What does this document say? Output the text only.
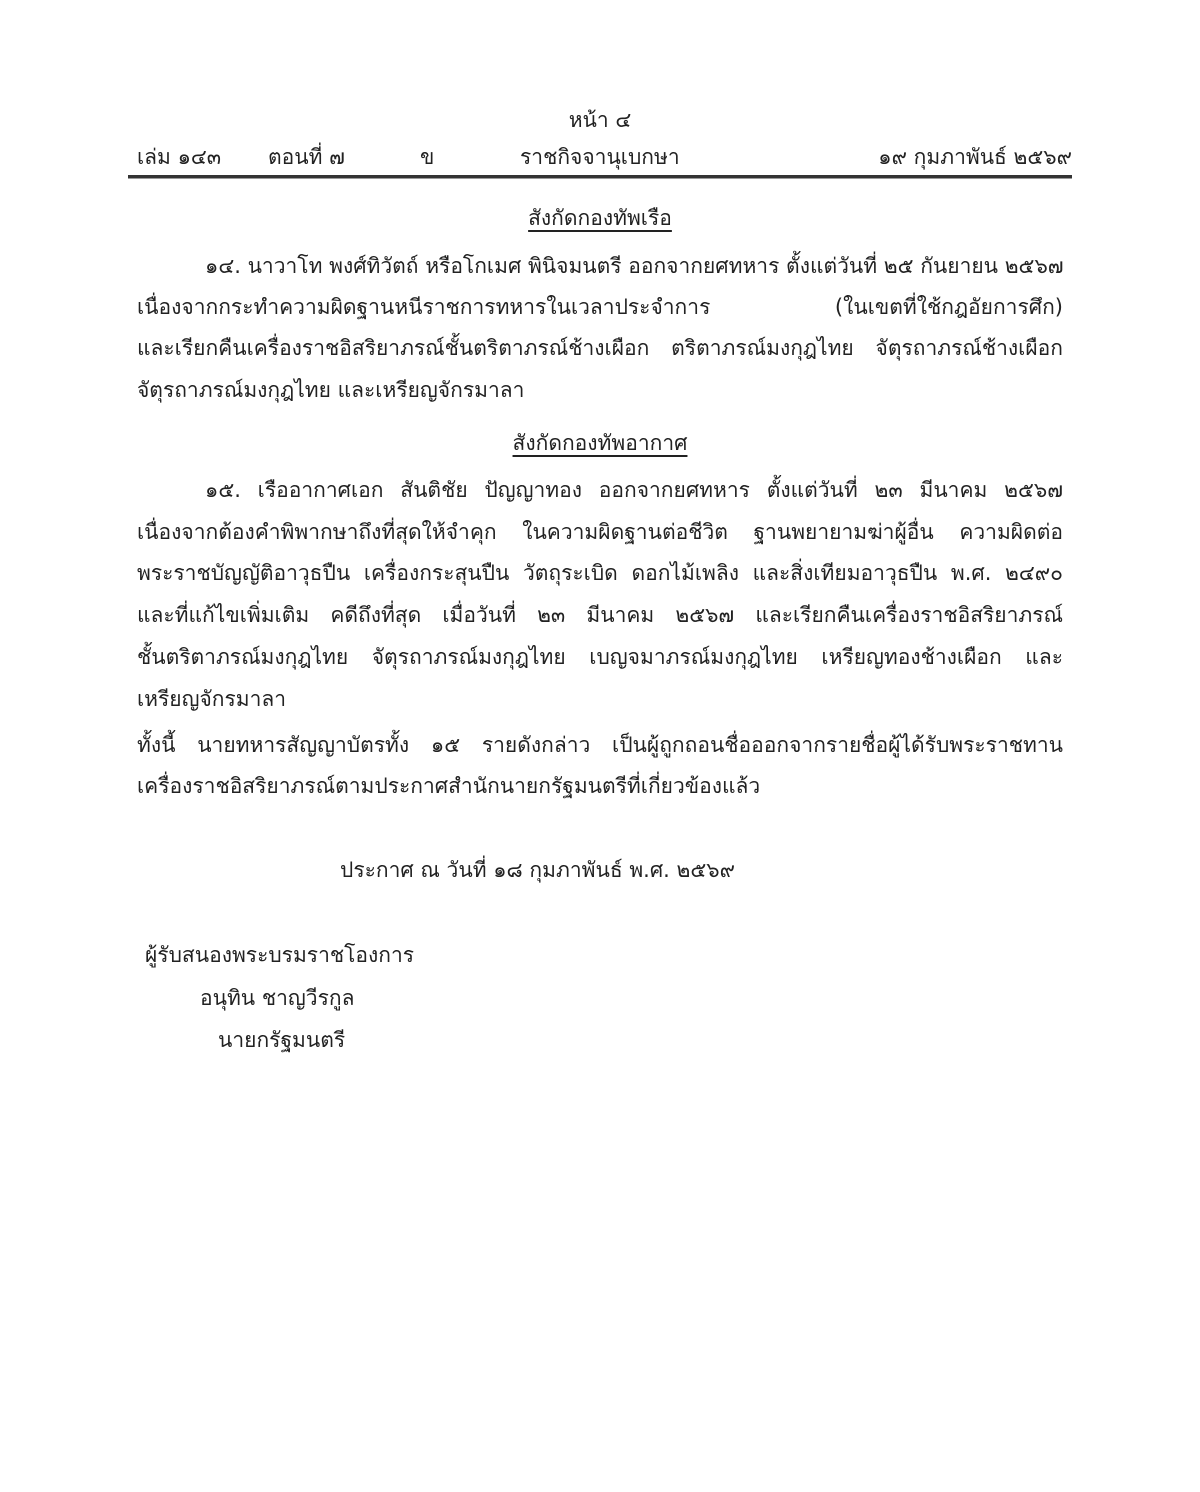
หน้า ๔
เล่ม ๑๔๓ ตอนที่ ๗	ข	ราชกิจจานุเบกษา	๑๙ กุมภาพันธ์ ๒๕๖๙
สังกัดกองทัพเรือ
๑๔. นาวาโท พงศ์ทิวัตถ์ หรือโกเมศ พินิจมนตรี ออกจากยศทหาร ตั้งแต่วันที่ ๒๕ กันยายน ๒๕๖๗
เนื่องจากกระทำความผิดฐานหนีราชการทหารในเวลาประจำการ (ในเขตที่ใช้กฎอัยการศึก)
และเรียกคืนเครื่องราชอิสริยาภรณ์ชั้นตริตาภรณ์ช้างเผือก ตริตาภรณ์มงกุฎไทย จัตุรถาภรณ์ช้างเผือก
จัตุรถาภรณ์มงกุฎไทย และเหรียญจักรมาลา
สังกัดกองทัพอากาศ
๑๕. เรืออากาศเอก สันติชัย ปัญญาทอง ออกจากยศทหาร ตั้งแต่วันที่ ๒๓ มีนาคม ๒๕๖๗
เนื่องจากต้องคำพิพากษาถึงที่สุดให้จำคุก ในความผิดฐานต่อชีวิต ฐานพยายามฆ่าผู้อื่น ความผิดต่อ
พระราชบัญญัติอาวุธปืน เครื่องกระสุนปืน วัตถุระเบิด ดอกไม้เพลิง และสิ่งเทียมอาวุธปืน พ.ศ. ๒๔๙๐
และที่แก้ไขเพิ่มเติม คดีถึงที่สุด เมื่อวันที่ ๒๓ มีนาคม ๒๕๖๗ และเรียกคืนเครื่องราชอิสริยาภรณ์
ชั้นตริตาภรณ์มงกุฎไทย จัตุรถาภรณ์มงกุฎไทย เบญจมาภรณ์มงกุฎไทย เหรียญทองช้างเผือก และ
เหรียญจักรมาลา
ทั้งนี้ นายทหารสัญญาบัตรทั้ง ๑๕ รายดังกล่าว เป็นผู้ถูกถอนชื่อออกจากรายชื่อผู้ได้รับพระราชทาน
เครื่องราชอิสริยาภรณ์ตามประกาศสำนักนายกรัฐมนตรีที่เกี่ยวข้องแล้ว
ประกาศ ณ วันที่ ๑๘ กุมภาพันธ์ พ.ศ. ๒๕๖๙
ผู้รับสนองพระบรมราชโองการ
อนุทิน ชาญวีรกูล
นายกรัฐมนตรี
